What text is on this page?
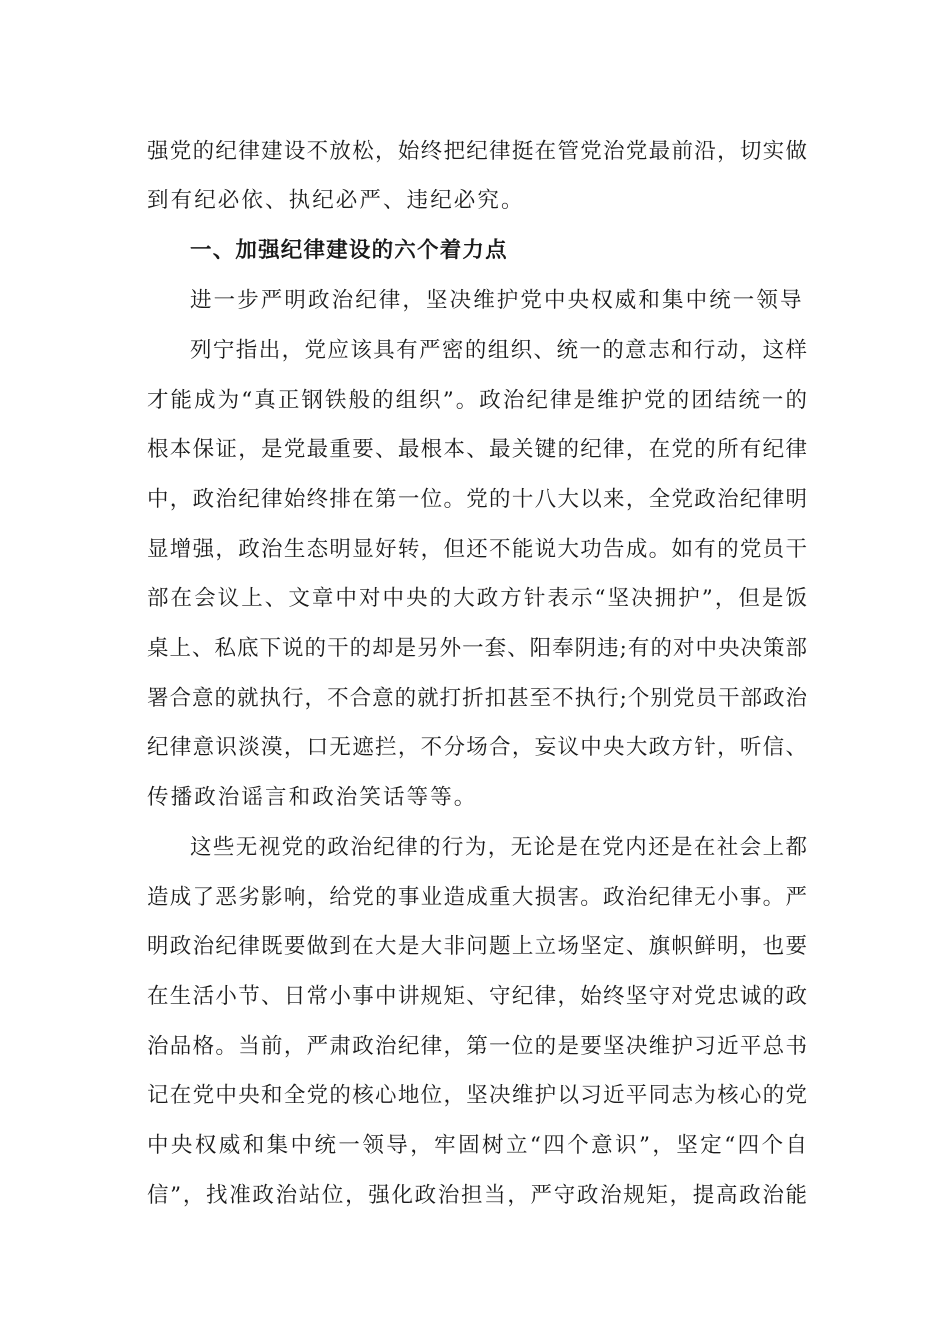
强党的纪律建设不放松，始终把纪律挺在管党治党最前沿，切实做
到有纪必依、执纪必严、违纪必究。
一、加强纪律建设的六个着力点
进一步严明政治纪律，坚决维护党中央权威和集中统一领导
列宁指出，党应该具有严密的组织、统一的意志和行动，这样
才能成为“真正钢铁般的组织”。政治纪律是维护党的团结统一的
根本保证，是党最重要、最根本、最关键的纪律，在党的所有纪律
中，政治纪律始终排在第一位。党的十八大以来，全党政治纪律明
显增强，政治生态明显好转，但还不能说大功告成。如有的党员干
部在会议上、文章中对中央的大政方针表示“坚决拥护”，但是饭
桌上、私底下说的干的却是另外一套、阳奉阴违;有的对中央决策部
署合意的就执行，不合意的就打折扣甚至不执行;个别党员干部政治
纪律意识淡漠，口无遮拦，不分场合，妄议中央大政方针，听信、
传播政治谣言和政治笑话等等。
这些无视党的政治纪律的行为，无论是在党内还是在社会上都
造成了恶劣影响，给党的事业造成重大损害。政治纪律无小事。严
明政治纪律既要做到在大是大非问题上立场坚定、旗帜鲜明，也要
在生活小节、日常小事中讲规矩、守纪律，始终坚守对党忠诚的政
治品格。当前，严肃政治纪律，第一位的是要坚决维护习近平总书
记在党中央和全党的核心地位，坚决维护以习近平同志为核心的党
中央权威和集中统一领导，牢固树立“四个意识”，坚定“四个自
信”，找准政治站位，强化政治担当，严守政治规矩，提高政治能
